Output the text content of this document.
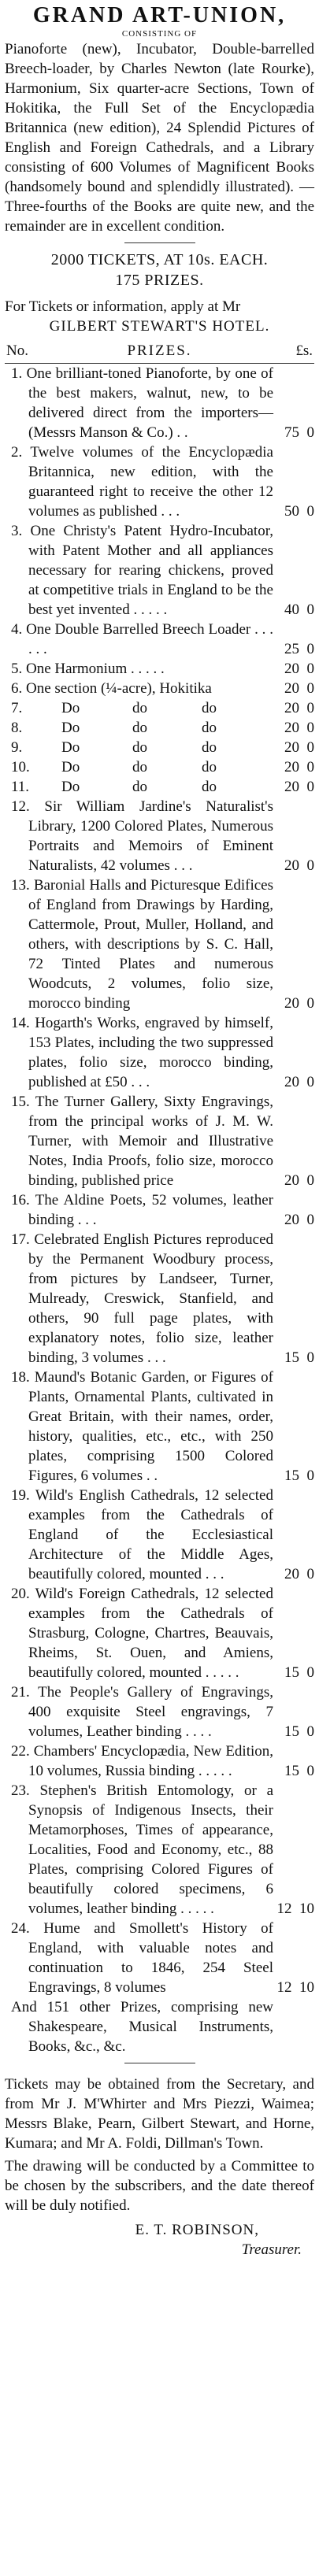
GRAND ART-UNION,
CONSISTING OF
Pianoforte (new), Incubator, Double-barrelled Breech-loader, by Charles Newton (late Rourke), Harmonium, Six quarter-acre Sections, Town of Hokitika, the Full Set of the Encyclopædia Britannica (new edition), 24 Splendid Pictures of English and Foreign Cathedrals, and a Library consisting of 600 Volumes of Magnificent Books (handsomely bound and splendidly illustrated). — Three-fourths of the Books are quite new, and the remainder are in excellent condition.
2000 TICKETS, AT 10s. EACH.
175 PRIZES.
For Tickets or information, apply at Mr
GILBERT STEWART'S HOTEL.
No.	PRIZES.	£ s.
1. One brilliant-toned Pianoforte, by one of the best makers, walnut, new, to be delivered direct from the importers—(Messrs Manson & Co.) . .	75 0
2. Twelve volumes of the Encyclopædia Britannica, new edition, with the guaranteed right to receive the other 12 volumes as published . . .	50 0
3. One Christy's Patent Hydro-Incubator, with Patent Mother and all appliances necessary for rearing chickens, proved at competitive trials in England to be the best yet invented . . . . .	40 0
4. One Double Barrelled Breech Loader . . . . . .	25 0
5. One Harmonium . . . . .	20 0
6. One section (¼-acre), Hokitika	20 0
7.	Do	do	do	20 0
8.	Do	do	do	20 0
9.	Do	do	do	20 0
10. Do	do	do	20 0
11. Do	do	do	20 0
12. Sir William Jardine's Naturalist's Library, 1200 Colored Plates, Numerous Portraits and Memoirs of Eminent Naturalists, 42 volumes . . .	20 0
13. Baronial Halls and Picturesque Edifices of England from Drawings by Harding, Cattermole, Prout, Muller, Holland, and others, with descriptions by S. C. Hall, 72 Tinted Plates and numerous Woodcuts, 2 volumes, folio size, morocco binding	20 0
14. Hogarth's Works, engraved by himself, 153 Plates, including the two suppressed plates, folio size, morocco binding, published at £50 . . .	20 0
15. The Turner Gallery, Sixty Engravings, from the principal works of J. M. W. Turner, with Memoir and Illustrative Notes, India Proofs, folio size, morocco binding, published price	20 0
16. The Aldine Poets, 52 volumes, leather binding . . .	20 0
17. Celebrated English Pictures reproduced by the Permanent Woodbury process, from pictures by Landseer, Turner, Mulready, Creswick, Stanfield, and others, 90 full page plates, with explanatory notes, folio size, leather binding, 3 volumes . . .	15 0
18. Maund's Botanic Garden, or Figures of Plants, Ornamental Plants, cultivated in Great Britain, with their names, order, history, qualities, etc., etc., with 250 plates, comprising 1500 Colored Figures, 6 volumes . .	15 0
19. Wild's English Cathedrals, 12 selected examples from the Cathedrals of England of the Ecclesiastical Architecture of the Middle Ages, beautifully colored, mounted . . .	20 0
20. Wild's Foreign Cathedrals, 12 selected examples from the Cathedrals of Strasburg, Cologne, Chartres, Beauvais, Rheims, St. Ouen, and Amiens, beautifully colored, mounted . . . . .	15 0
21. The People's Gallery of Engravings, 400 exquisite Steel engravings, 7 volumes, Leather binding . . . .	15 0
22. Chambers' Encyclopædia, New Edition, 10 volumes, Russia binding . . . . .	15 0
23. Stephen's British Entomology, or a Synopsis of Indigenous Insects, their Metamorphoses, Times of appearance, Localities, Food and Economy, etc., 88 Plates, comprising Colored Figures of beautifully colored specimens, 6 volumes, leather binding . . . . .	12 10
24. Hume and Smollett's History of England, with valuable notes and continuation to 1846, 254 Steel Engravings, 8 volumes	12 10
And 151 other Prizes, comprising new Shakespeare, Musical Instruments, Books, &c., &c.

Tickets may be obtained from the Secretary, and from Mr J. M'Whirter and Mrs Piezzi, Waimea; Messrs Blake, Pearn, Gilbert Stewart, and Horne, Kumara; and Mr A. Foldi, Dillman's Town.
The drawing will be conducted by a Committee to be chosen by the subscribers, and the date thereof will be duly notified.
E. T. ROBINSON,
Treasurer.
